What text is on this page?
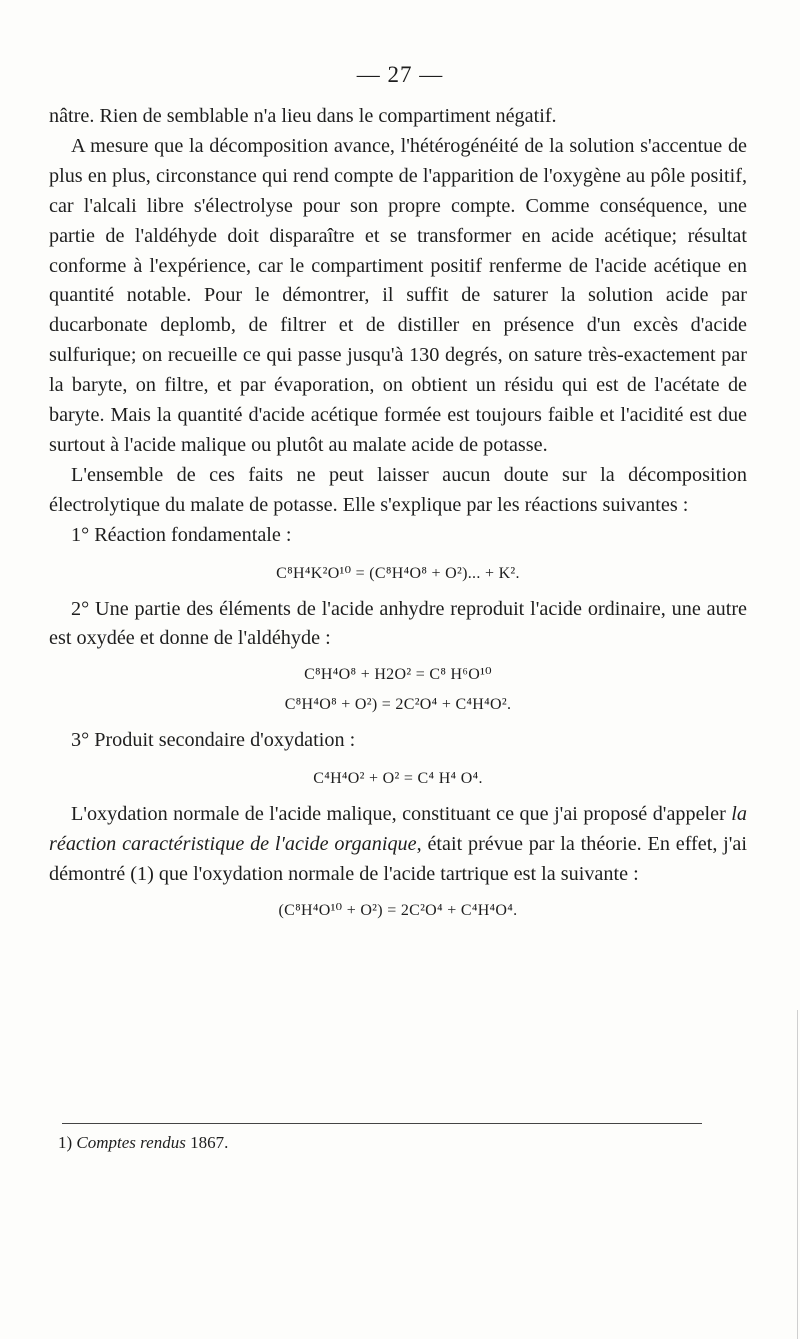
— 27 —

nâtre. Rien de semblable n'a lieu dans le compartiment négatif.

A mesure que la décomposition avance, l'hétérogénéité de la solution s'accentue de plus en plus, circonstance qui rend compte de l'apparition de l'oxygène au pôle positif, car l'alcali libre s'électrolyse pour son propre compte. Comme conséquence, une partie de l'aldéhyde doit disparaître et se transformer en acide acétique; résultat conforme à l'expérience, car le compartiment positif renferme de l'acide acétique en quantité notable. Pour le démontrer, il suffit de saturer la solution acide par ducarbonate deplomb, de filtrer et de distiller en présence d'un excès d'acide sulfurique; on recueille ce qui passe jusqu'à 130 degrés, on sature très-exactement par la baryte, on filtre, et par évaporation, on obtient un résidu qui est de l'acétate de baryte. Mais la quantité d'acide acétique formée est toujours faible et l'acidité est due surtout à l'acide malique ou plutôt au malate acide de potasse.

L'ensemble de ces faits ne peut laisser aucun doute sur la décomposition électrolytique du malate de potasse. Elle s'explique par les réactions suivantes :

1° Réaction fondamentale :

C⁸H⁴K²O¹⁰ = (C⁸H⁴O⁸ + O²)... + K².

2° Une partie des éléments de l'acide anhydre reproduit l'acide ordinaire, une autre est oxydée et donne de l'aldéhyde :

C⁸H⁴O⁸ + H2O² = C⁸ H⁶O¹⁰

C⁸H⁴O⁸ + O²) = 2C²O⁴ + C⁴H⁴O².

3° Produit secondaire d'oxydation :

C⁴H⁴O² + O² = C⁴ H⁴ O⁴.

L'oxydation normale de l'acide malique, constituant ce que j'ai proposé d'appeler la réaction caractéristique de l'acide organique, était prévue par la théorie. En effet, j'ai démontré (1) que l'oxydation normale de l'acide tartrique est la suivante :

(C⁸H⁴O¹⁰ + O²) = 2C²O⁴ + C⁴H⁴O⁴.

1) Comptes rendus 1867.
